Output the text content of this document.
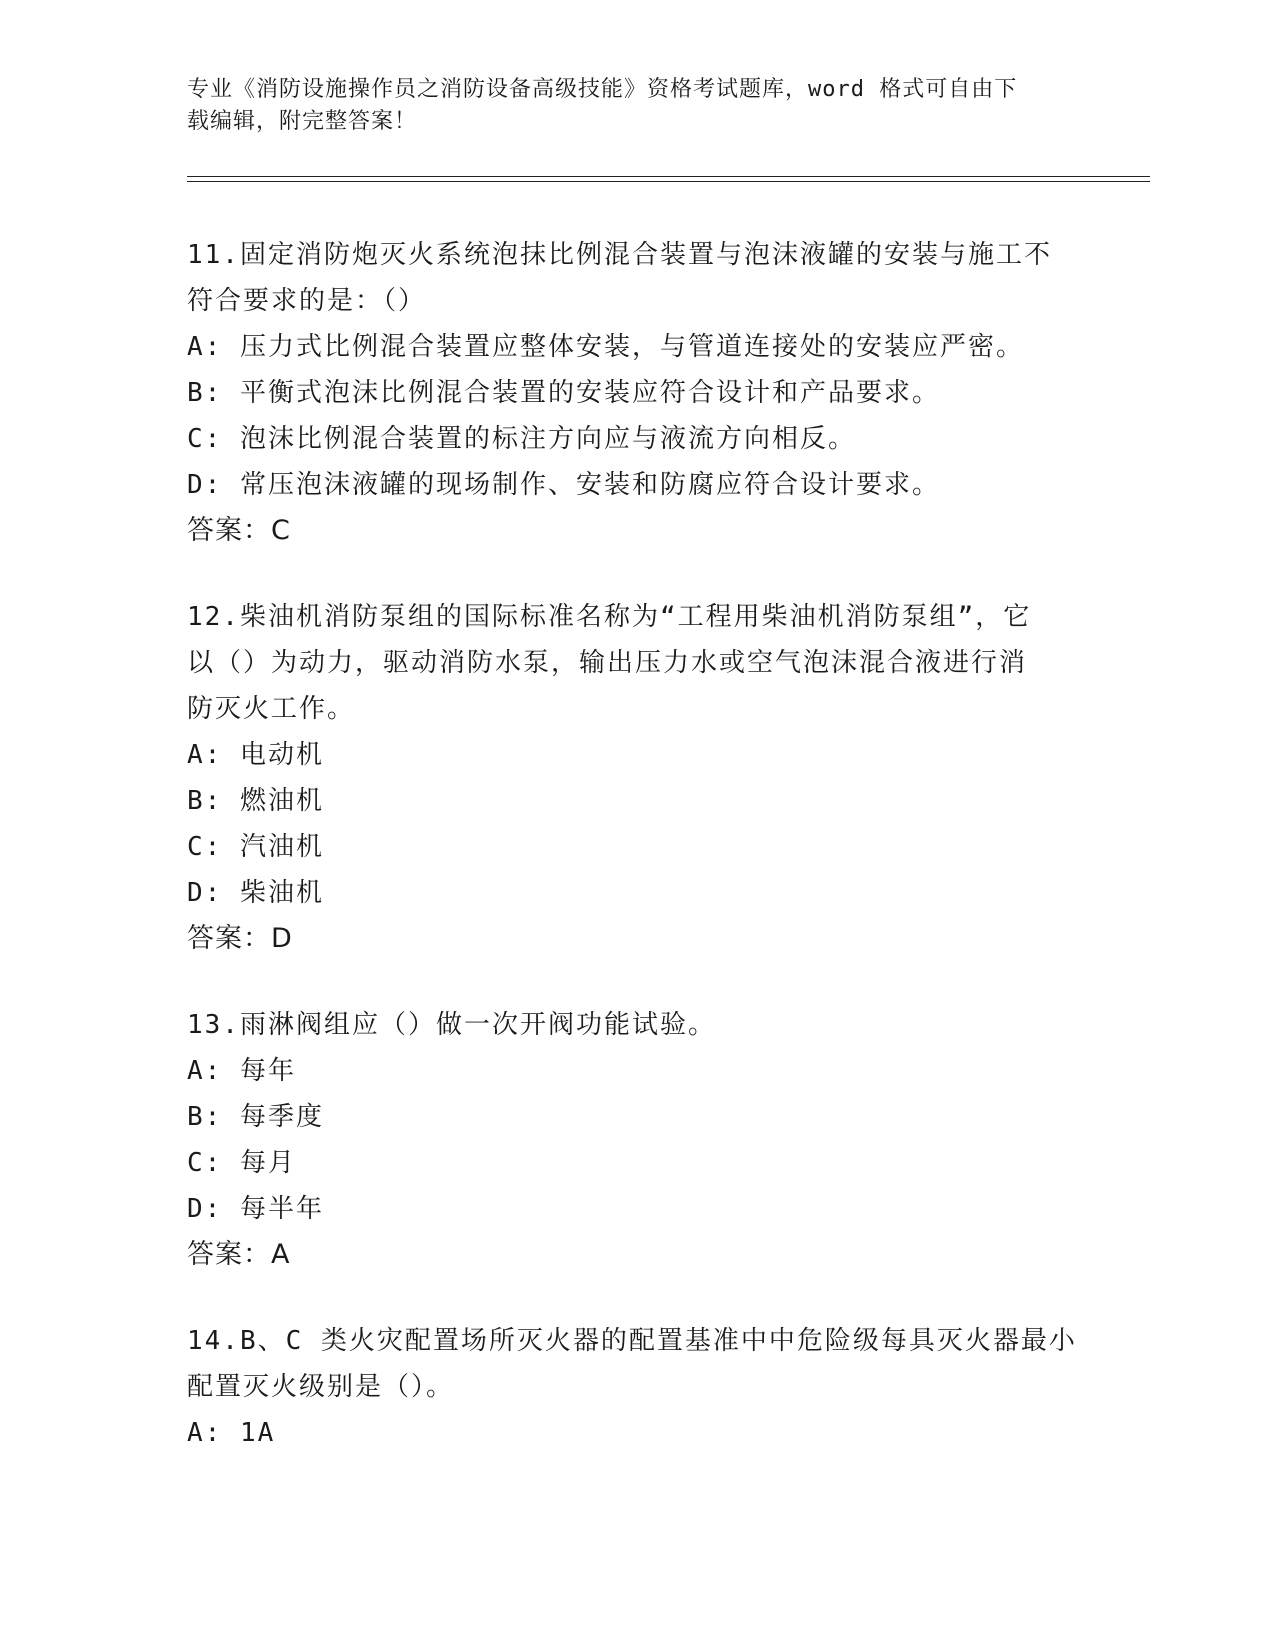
专业《消防设施操作员之消防设备高级技能》资格考试题库，word 格式可自由下
载编辑，附完整答案！
11.固定消防炮灭火系统泡抹比例混合装置与泡沫液罐的安装与施工不
符合要求的是：（）
A: 压力式比例混合装置应整体安装，与管道连接处的安装应严密。
B: 平衡式泡沫比例混合装置的安装应符合设计和产品要求。
C: 泡沫比例混合装置的标注方向应与液流方向相反。
D: 常压泡沫液罐的现场制作、安装和防腐应符合设计要求。
答案：C
12.柴油机消防泵组的国际标准名称为“工程用柴油机消防泵组”，它
以（）为动力，驱动消防水泵，输出压力水或空气泡沫混合液进行消
防灭火工作。
A: 电动机
B: 燃油机
C: 汽油机
D: 柴油机
答案：D
13.雨淋阀组应（）做一次开阀功能试验。
A: 每年
B: 每季度
C: 每月
D: 每半年
答案：A
14.B、C 类火灾配置场所灭火器的配置基准中中危险级每具灭火器最小
配置灭火级别是（）。
A: 1A
